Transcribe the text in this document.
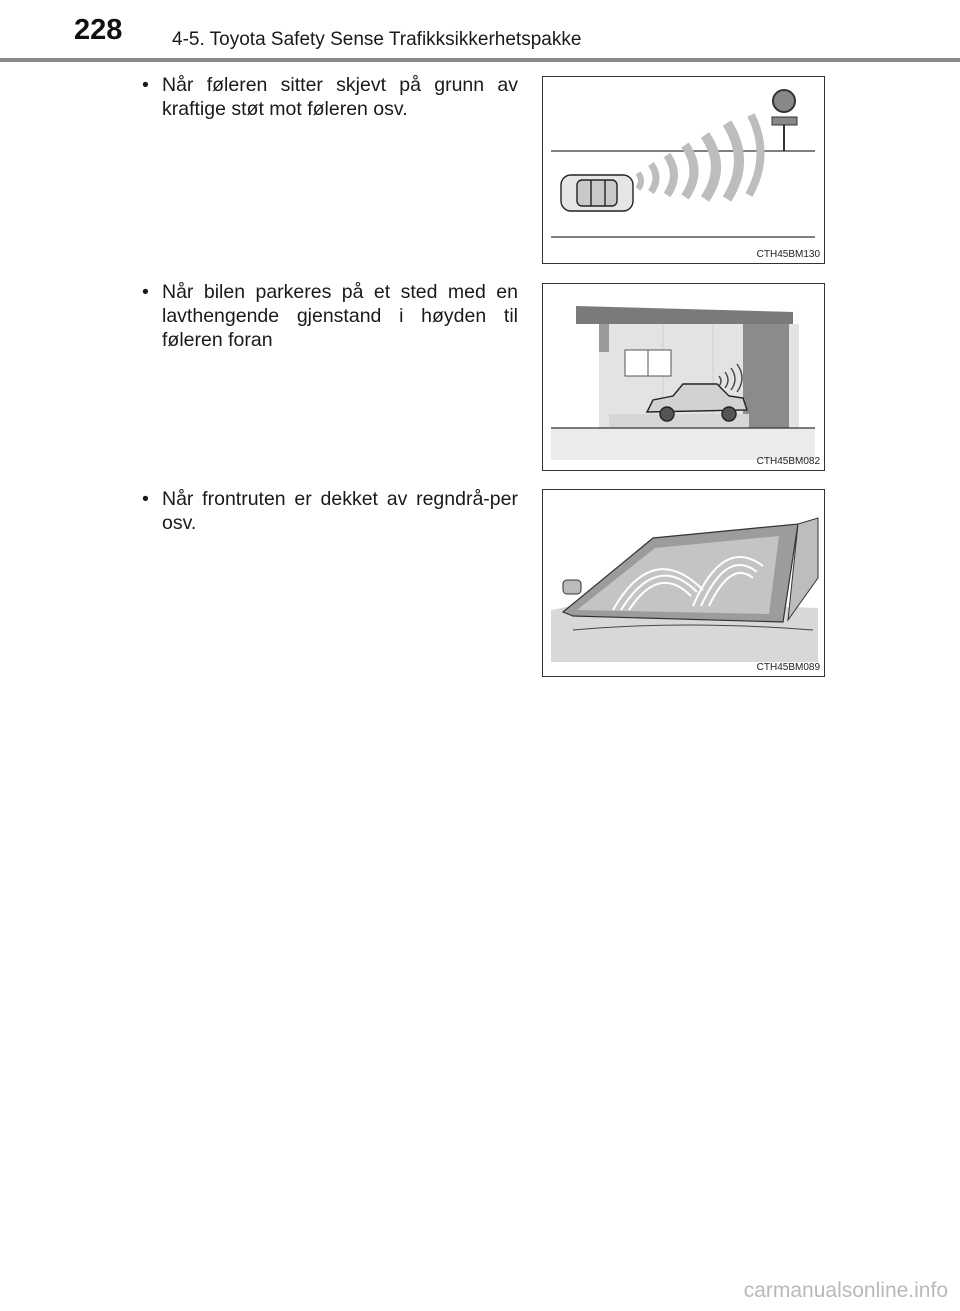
228	4-5. Toyota Safety Sense Trafikksikkerhetspakke
• Når føleren sitter skjevt på grunn av kraftige støt mot føleren osv.
CTH45BM130
• Når bilen parkeres på et sted med en lavthengende gjenstand i høyden til føleren foran
CTH45BM082
• Når frontruten er dekket av regndrå-per osv.
CTH45BM089
carmanualsonline.info
